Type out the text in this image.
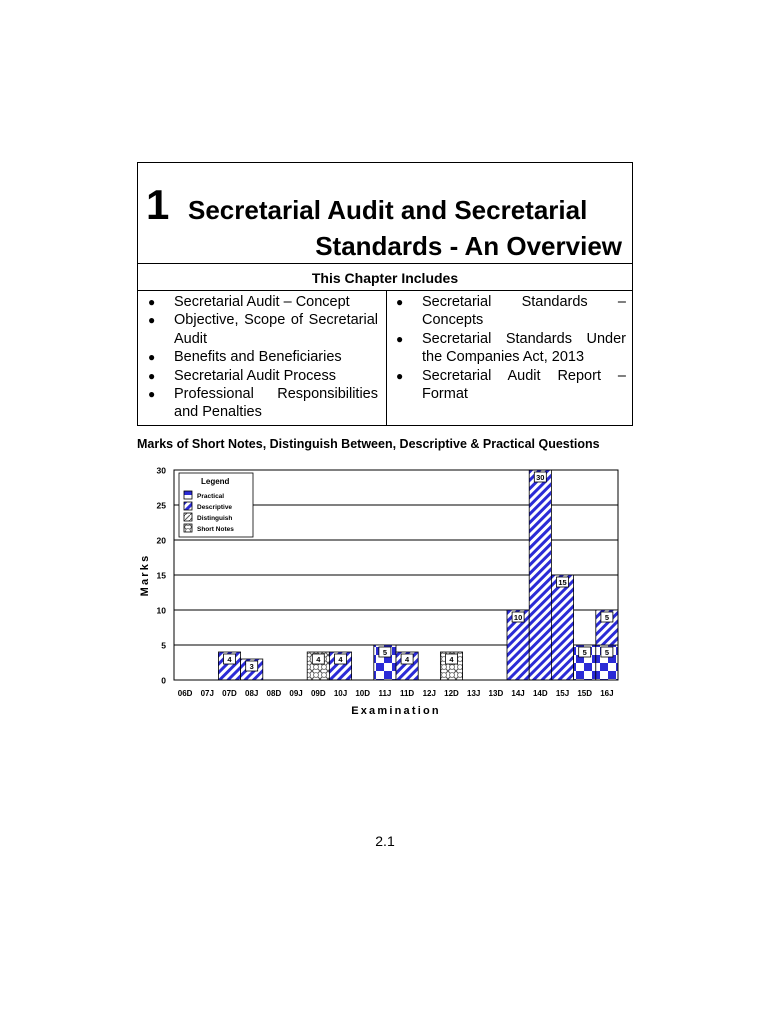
1 Secretarial Audit and Secretarial
Standards - An Overview
This Chapter Includes
● Secretarial Audit – Concept
● Objective, Scope of Secretarial Audit
● Benefits and Beneficiaries
● Secretarial Audit Process
● Professional Responsibilities and Penalties
● Secretarial Standards – Concepts
● Secretarial Standards Under the Companies Act, 2013
● Secretarial Audit Report – Format
Marks of Short Notes, Distinguish Between, Descriptive & Practical Questions
4
3
4 4
5
4	4
10
30
15
5 5
5
0
5
10
15
20
25
30
06D 07J 07D 08J 08D 09J 09D 10J 10D 11J 11D 12J 12D 13J 13D 14J 14D 15J 15D 16J
Examination
Marks
Legend
Practical
Descriptive
Distinguish
Short Notes
2.1
